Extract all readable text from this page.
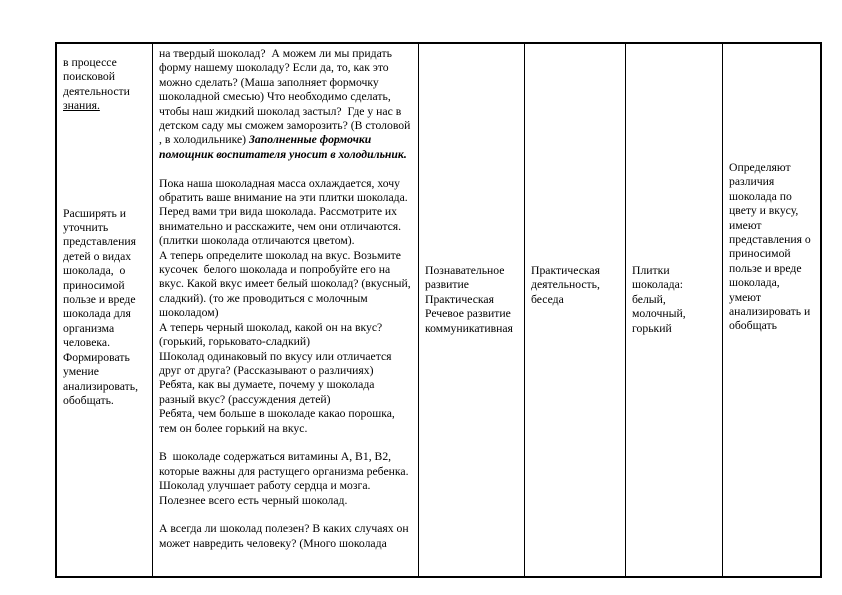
в процессе поисковой деятельности знания.

Расширять и уточнить представления детей о видах шоколада,  о приносимой пользе и вреде шоколада для организма человека. Формировать умение анализировать, обобщать.

на твердый шоколад?  А можем ли мы придать форму нашему шоколаду? Если да, то, как это можно сделать? (Маша заполняет формочку шоколадной смесью) Что необходимо сделать, чтобы наш жидкий шоколад застыл?  Где у нас в детском саду мы сможем заморозить? (В столовой , в холодильнике) Заполненные формочки помощник воспитателя уносит в холодильник.

Пока наша шоколадная масса охлаждается, хочу обратить ваше внимание на эти плитки шоколада. Перед вами три вида шоколада. Рассмотрите их внимательно и расскажите, чем они отличаются. (плитки шоколада отличаются цветом).

А теперь определите шоколад на вкус. Возьмите кусочек  белого шоколада и попробуйте его на вкус. Какой вкус имеет белый шоколад? (вкусный, сладкий). (то же проводиться с молочным шоколадом)

А теперь черный шоколад, какой он на вкус? (горький, горьковато-сладкий)

Шоколад одинаковый по вкусу или отличается друг от друга? (Рассказывают о различиях)

Ребята, как вы думаете, почему у шоколада разный вкус? (рассуждения детей)

Ребята, чем больше в шоколаде какао порошка, тем он более горький на вкус.

В  шоколаде содержаться витамины А, В1, В2, которые важны для растущего организма ребенка. Шоколад улучшает работу сердца и мозга. Полезнее всего есть черный шоколад.

А всегда ли шоколад полезен? В каких случаях он может навредить человеку? (Много шоколада

Познавательное развитие

Практическая

Речевое развитие

коммуникативная

Практическая деятельность, беседа

Плитки шоколада: белый, молочный, горький

Определяют различия шоколада по цвету и вкусу, имеют представления о приносимой пользе и вреде шоколада, умеют анализировать и обобщать
